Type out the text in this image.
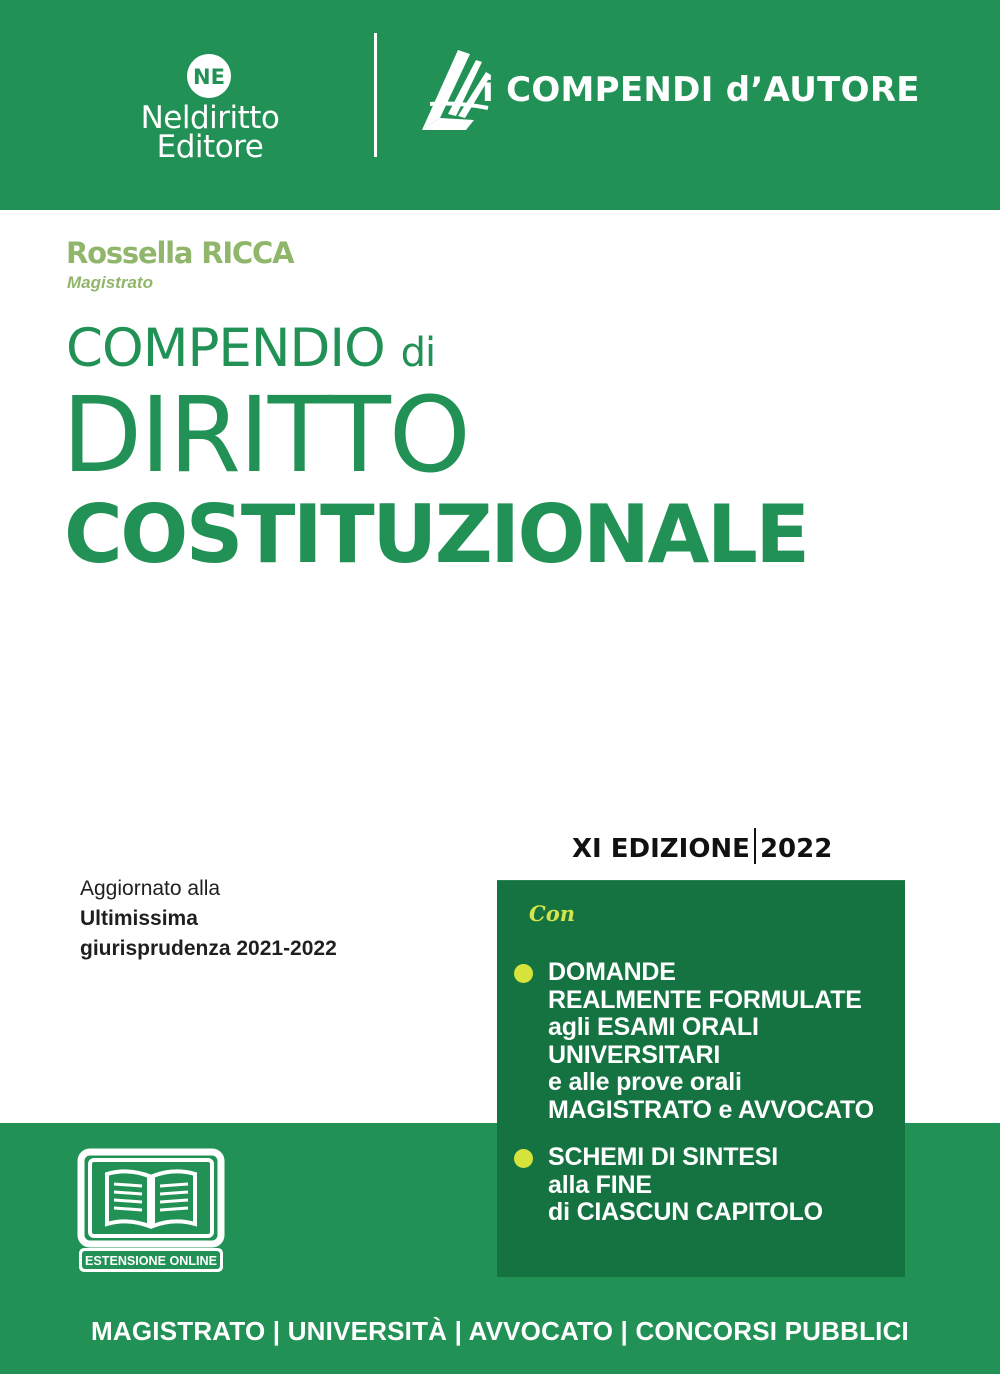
NE
Neldiritto
Editore
i COMPENDI d’AUTORE
Rossella RICCA
Magistrato
COMPENDIO di
DIRITTO
COSTITUZIONALE
Aggiornato alla
Ultimissima
giurisprudenza 2021-2022
XI EDIZIONE 2022
Con
DOMANDE
REALMENTE FORMULATE
agli ESAMI ORALI
UNIVERSITARI
e alle prove orali
MAGISTRATO e AVVOCATO
SCHEMI DI SINTESI
alla FINE
di CIASCUN CAPITOLO
ESTENSIONE ONLINE
MAGISTRATO | UNIVERSITÀ | AVVOCATO | CONCORSI PUBBLICI
